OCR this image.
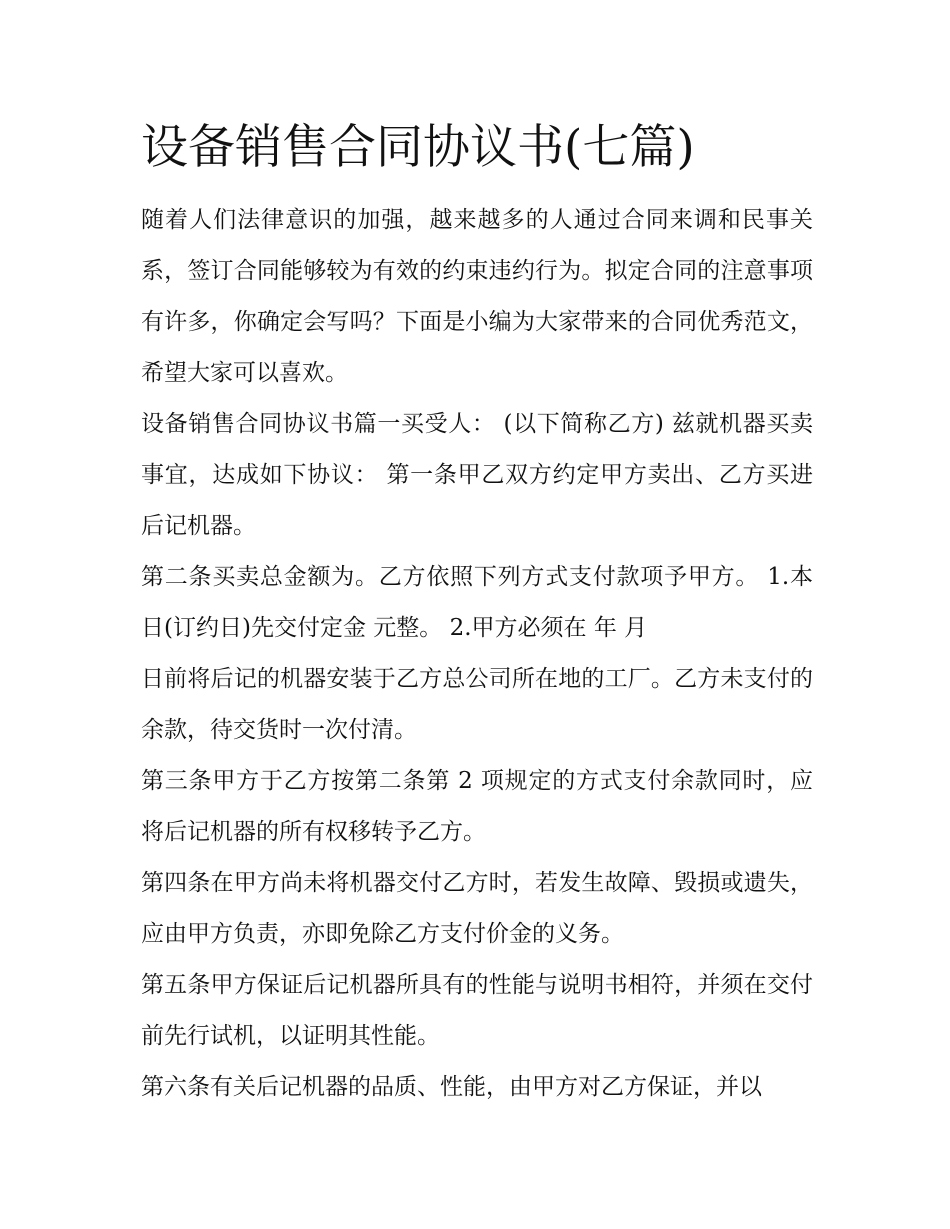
设备销售合同协议书(七篇)

随着人们法律意识的加强，越来越多的人通过合同来调和民事关系，签订合同能够较为有效的约束违约行为。拟定合同的注意事项有许多，你确定会写吗？下面是小编为大家带来的合同优秀范文，希望大家可以喜欢。

设备销售合同协议书篇一买受人： (以下简称乙方) 兹就机器买卖事宜，达成如下协议： 第一条甲乙双方约定甲方卖出、乙方买进后记机器。

第二条买卖总金额为。乙方依照下列方式支付款项予甲方。 1.本日(订约日)先交付定金 元整。 2.甲方必须在 年 月

日前将后记的机器安装于乙方总公司所在地的工厂。乙方未支付的余款，待交货时一次付清。

第三条甲方于乙方按第二条第 2 项规定的方式支付余款同时，应将后记机器的所有权移转予乙方。

第四条在甲方尚未将机器交付乙方时，若发生故障、毁损或遗失，应由甲方负责，亦即免除乙方支付价金的义务。

第五条甲方保证后记机器所具有的性能与说明书相符，并须在交付前先行试机，以证明其性能。

第六条有关后记机器的品质、性能，由甲方对乙方保证，并以
